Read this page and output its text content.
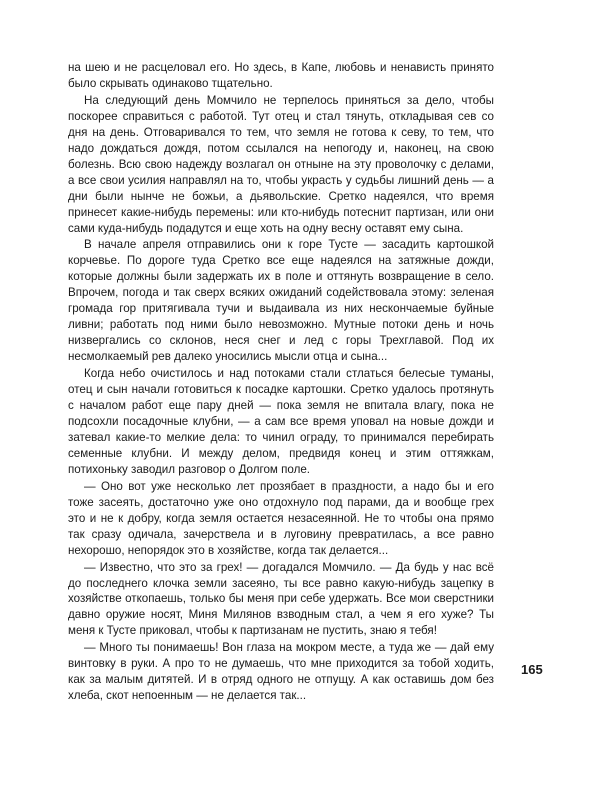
на шею и не расцеловал его. Но здесь, в Капе, любовь и ненависть принято было скрывать одинаково тщательно.

На следующий день Момчило не терпелось приняться за дело, чтобы поскорее справиться с работой. Тут отец и стал тянуть, откладывая сев со дня на день. Отговаривался то тем, что земля не готова к севу, то тем, что надо дождаться дождя, потом ссылался на непогоду и, наконец, на свою болезнь. Всю свою надежду возлагал он отныне на эту проволочку с делами, а все свои усилия направлял на то, чтобы украсть у судьбы лишний день — а дни были нынче не божьи, а дьявольские. Сретко надеялся, что время принесет какие-нибудь перемены: или кто-нибудь потеснит партизан, или они сами куда-нибудь подадутся и еще хоть на одну весну оставят ему сына.

В начале апреля отправились они к горе Тусте — засадить картошкой корчевье. По дороге туда Сретко все еще надеялся на затяжные дожди, которые должны были задержать их в поле и оттянуть возвращение в село. Впрочем, погода и так сверх всяких ожиданий содействовала этому: зеленая громада гор притягивала тучи и выдаивала из них нескончаемые буйные ливни; работать под ними было невозможно. Мутные потоки день и ночь низвергались со склонов, неся снег и лед с горы Трехглавой. Под их несмолкаемый рев далеко уносились мысли отца и сына...

Когда небо очистилось и над потоками стали стлаться белесые туманы, отец и сын начали готовиться к посадке картошки. Сретко удалось протянуть с началом работ еще пару дней — пока земля не впитала влагу, пока не подсохли посадочные клубни, — а сам все время уповал на новые дожди и затевал какие-то мелкие дела: то чинил ограду, то принимался перебирать семенные клубни. И между делом, предвидя конец и этим оттяжкам, потихоньку заводил разговор о Долгом поле.

— Оно вот уже несколько лет прозябает в праздности, а надо бы и его тоже засеять, достаточно уже оно отдохнуло под парами, да и вообще грех это и не к добру, когда земля остается незасеянной. Не то чтобы она прямо так сразу одичала, зачерствела и в луговину превратилась, а все равно нехорошо, непорядок это в хозяйстве, когда так делается...

— Известно, что это за грех! — догадался Момчило. — Да будь у нас всё до последнего клочка земли засеяно, ты все равно какую-нибудь зацепку в хозяйстве откопаешь, только бы меня при себе удержать. Все мои сверстники давно оружие носят, Миня Милянов взводным стал, а чем я его хуже? Ты меня к Тусте приковал, чтобы к партизанам не пустить, знаю я тебя!

— Много ты понимаешь! Вон глаза на мокром месте, а туда же — дай ему винтовку в руки. А про то не думаешь, что мне приходится за тобой ходить, как за малым дитятей. И в отряд одного не отпущу. А как оставишь дом без хлеба, скот непоенным — не делается так...

165
